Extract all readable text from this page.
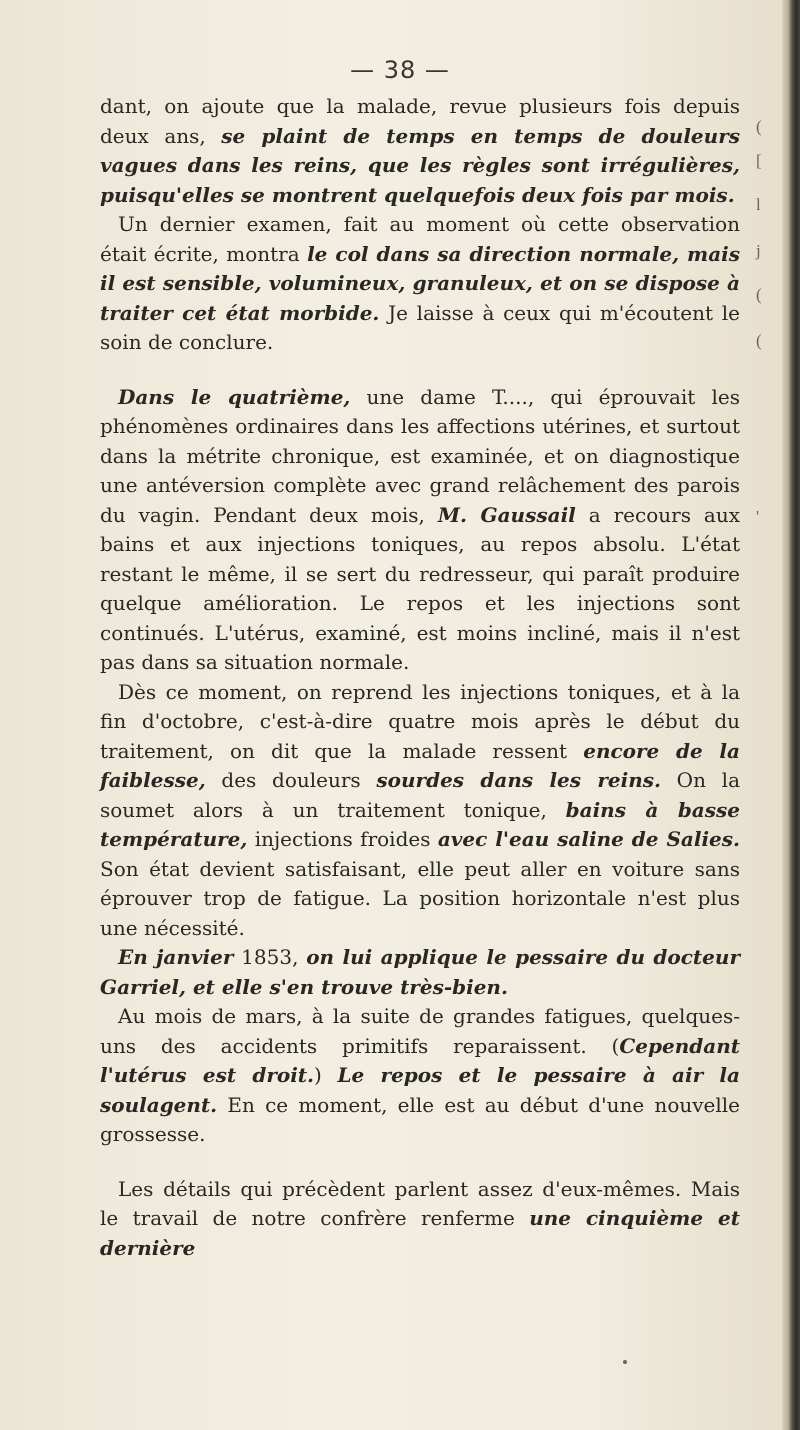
— 38 —

dant, on ajoute que la malade, revue plusieurs fois depuis deux ans, se plaint de temps en temps de douleurs vagues dans les reins, que les règles sont irrégulières, puisqu'elles se montrent quelquefois deux fois par mois.

Un dernier examen, fait au moment où cette observation était écrite, montra le col dans sa direction normale, mais il est sensible, volumineux, granuleux, et on se dispose à traiter cet état morbide. Je laisse à ceux qui m'écoutent le soin de conclure.

Dans le quatrième, une dame T...., qui éprouvait les phénomènes ordinaires dans les affections utérines, et surtout dans la métrite chronique, est examinée, et on diagnostique une antéversion complète avec grand relâchement des parois du vagin. Pendant deux mois, M. Gaussail a recours aux bains et aux injections toniques, au repos absolu. L'état restant le même, il se sert du redresseur, qui paraît produire quelque amélioration. Le repos et les injections sont continués. L'utérus, examiné, est moins incliné, mais il n'est pas dans sa situation normale.

Dès ce moment, on reprend les injections toniques, et à la fin d'octobre, c'est-à-dire quatre mois après le début du traitement, on dit que la malade ressent encore de la faiblesse, des douleurs sourdes dans les reins. On la soumet alors à un traitement tonique, bains à basse température, injections froides avec l'eau saline de Salies. Son état devient satisfaisant, elle peut aller en voiture sans éprouver trop de fatigue. La position horizontale n'est plus une nécessité.

En janvier 1853, on lui applique le pessaire du docteur Garriel, et elle s'en trouve très-bien.

Au mois de mars, à la suite de grandes fatigues, quelques-uns des accidents primitifs reparaissent. (Cependant l'utérus est droit.) Le repos et le pessaire à air la soulagent. En ce moment, elle est au début d'une nouvelle grossesse.

Les détails qui précèdent parlent assez d'eux-mêmes. Mais le travail de notre confrère renferme une cinquième et dernière

(
[
l
j
(
(
'
